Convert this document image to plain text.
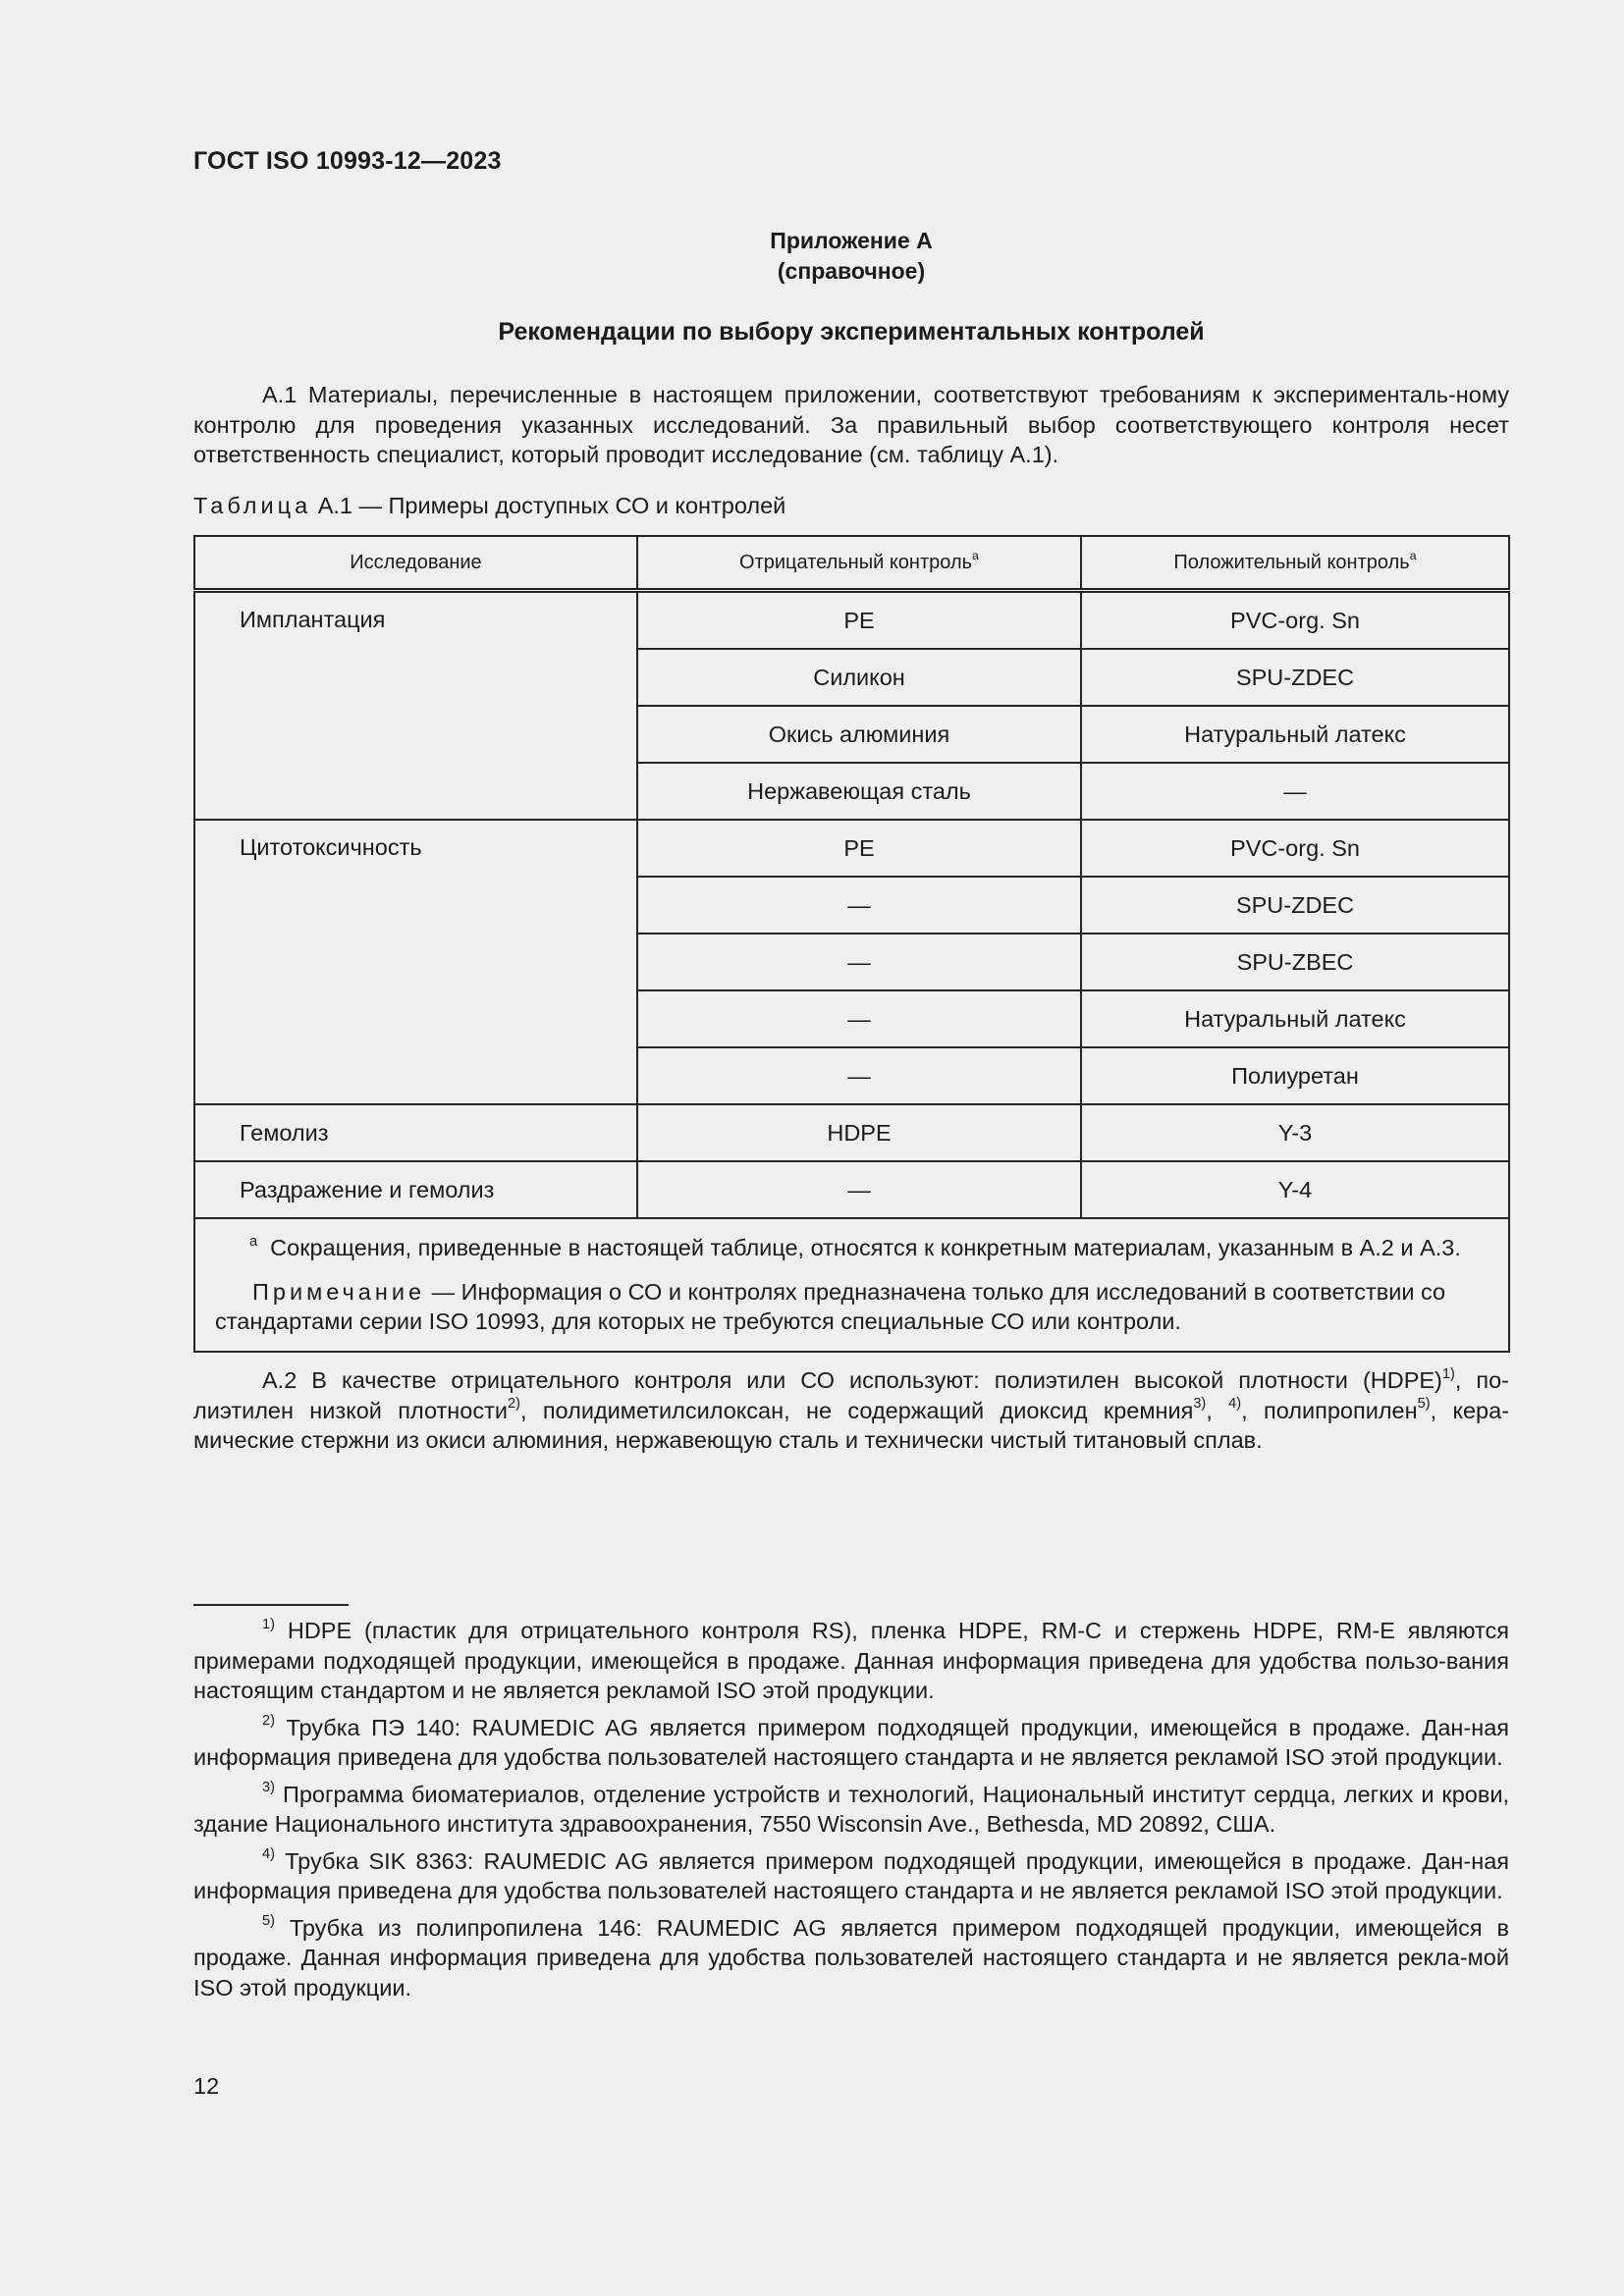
ГОСТ ISO 10993-12—2023
Приложение А
(справочное)
Рекомендации по выбору экспериментальных контролей
А.1 Материалы, перечисленные в настоящем приложении, соответствуют требованиям к эксперименталь-ному контролю для проведения указанных исследований. За правильный выбор соответствующего контроля несет ответственность специалист, который проводит исследование (см. таблицу А.1).
Таблица А.1 — Примеры доступных СО и контролей
Исследование	Отрицательный контроль$^a$	Положительный контроль$^a$
Имплантация	PE	PVC-org. Sn
	Силикон	SPU-ZDEC
	Окись алюминия	Натуральный латекс
	Нержавеющая сталь	—
Цитотоксичность	PE	PVC-org. Sn
	—	SPU-ZDEC
	—	SPU-ZBEC
	—	Натуральный латекс
	—	Полиуретан
Гемолиз	HDPE	Y-3
Раздражение и гемолиз	—	Y-4

$^a$ Сокращения, приведенные в настоящей таблице, относятся к конкретным материалам, указанным в А.2 и А.3.
Примечание — Информация о СО и контролях предназначена только для исследований в соответствии со стандартами серии ISO 10993, для которых не требуются специальные СО или контроли.		
А.2 В качестве отрицательного контроля или СО используют: полиэтилен высокой плотности (HDPE)$^{1)}$, по-лиэтилен низкой плотности$^{2)}$, полидиметилсилоксан, не содержащий диоксид кремния$^{3)}$, $^{4)}$, полипропилен$^{5)}$, кера-мические стержни из окиси алюминия, нержавеющую сталь и технически чистый титановый сплав.
$^{1)}$ HDPE (пластик для отрицательного контроля RS), пленка HDPE, RM-C и стержень HDPE, RM-E являются примерами подходящей продукции, имеющейся в продаже. Данная информация приведена для удобства пользо-вания настоящим стандартом и не является рекламой ISO этой продукции.
$^{2)}$ Трубка ПЭ 140: RAUMEDIC AG является примером подходящей продукции, имеющейся в продаже. Дан-ная информация приведена для удобства пользователей настоящего стандарта и не является рекламой ISO этой продукции.
$^{3)}$ Программа биоматериалов, отделение устройств и технологий, Национальный институт сердца, легких и крови, здание Национального института здравоохранения, 7550 Wisconsin Ave., Bethesda, MD 20892, США.
$^{4)}$ Трубка SIK 8363: RAUMEDIC AG является примером подходящей продукции, имеющейся в продаже. Дан-ная информация приведена для удобства пользователей настоящего стандарта и не является рекламой ISO этой продукции.
$^{5)}$ Трубка из полипропилена 146: RAUMEDIC AG является примером подходящей продукции, имеющейся в продаже. Данная информация приведена для удобства пользователей настоящего стандарта и не является рекла-мой ISO этой продукции.
12
